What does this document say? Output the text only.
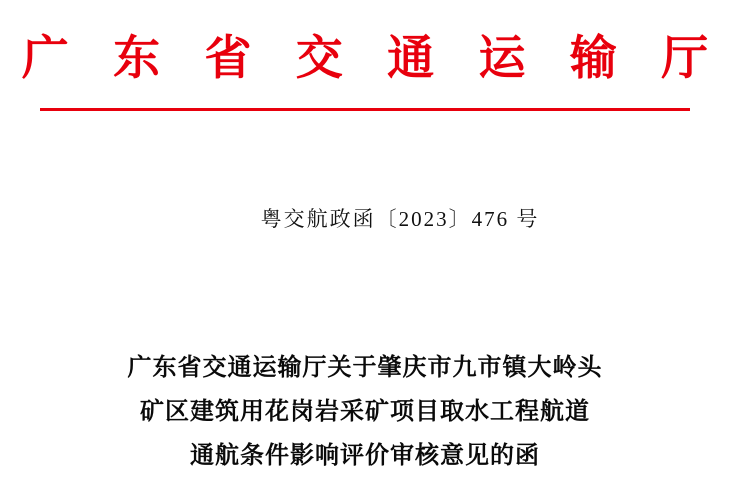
广 东 省 交 通 运 输 厅
粤交航政函〔2023〕476 号
广东省交通运输厅关于肇庆市九市镇大岭头
矿区建筑用花岗岩采矿项目取水工程航道
通航条件影响评价审核意见的函
